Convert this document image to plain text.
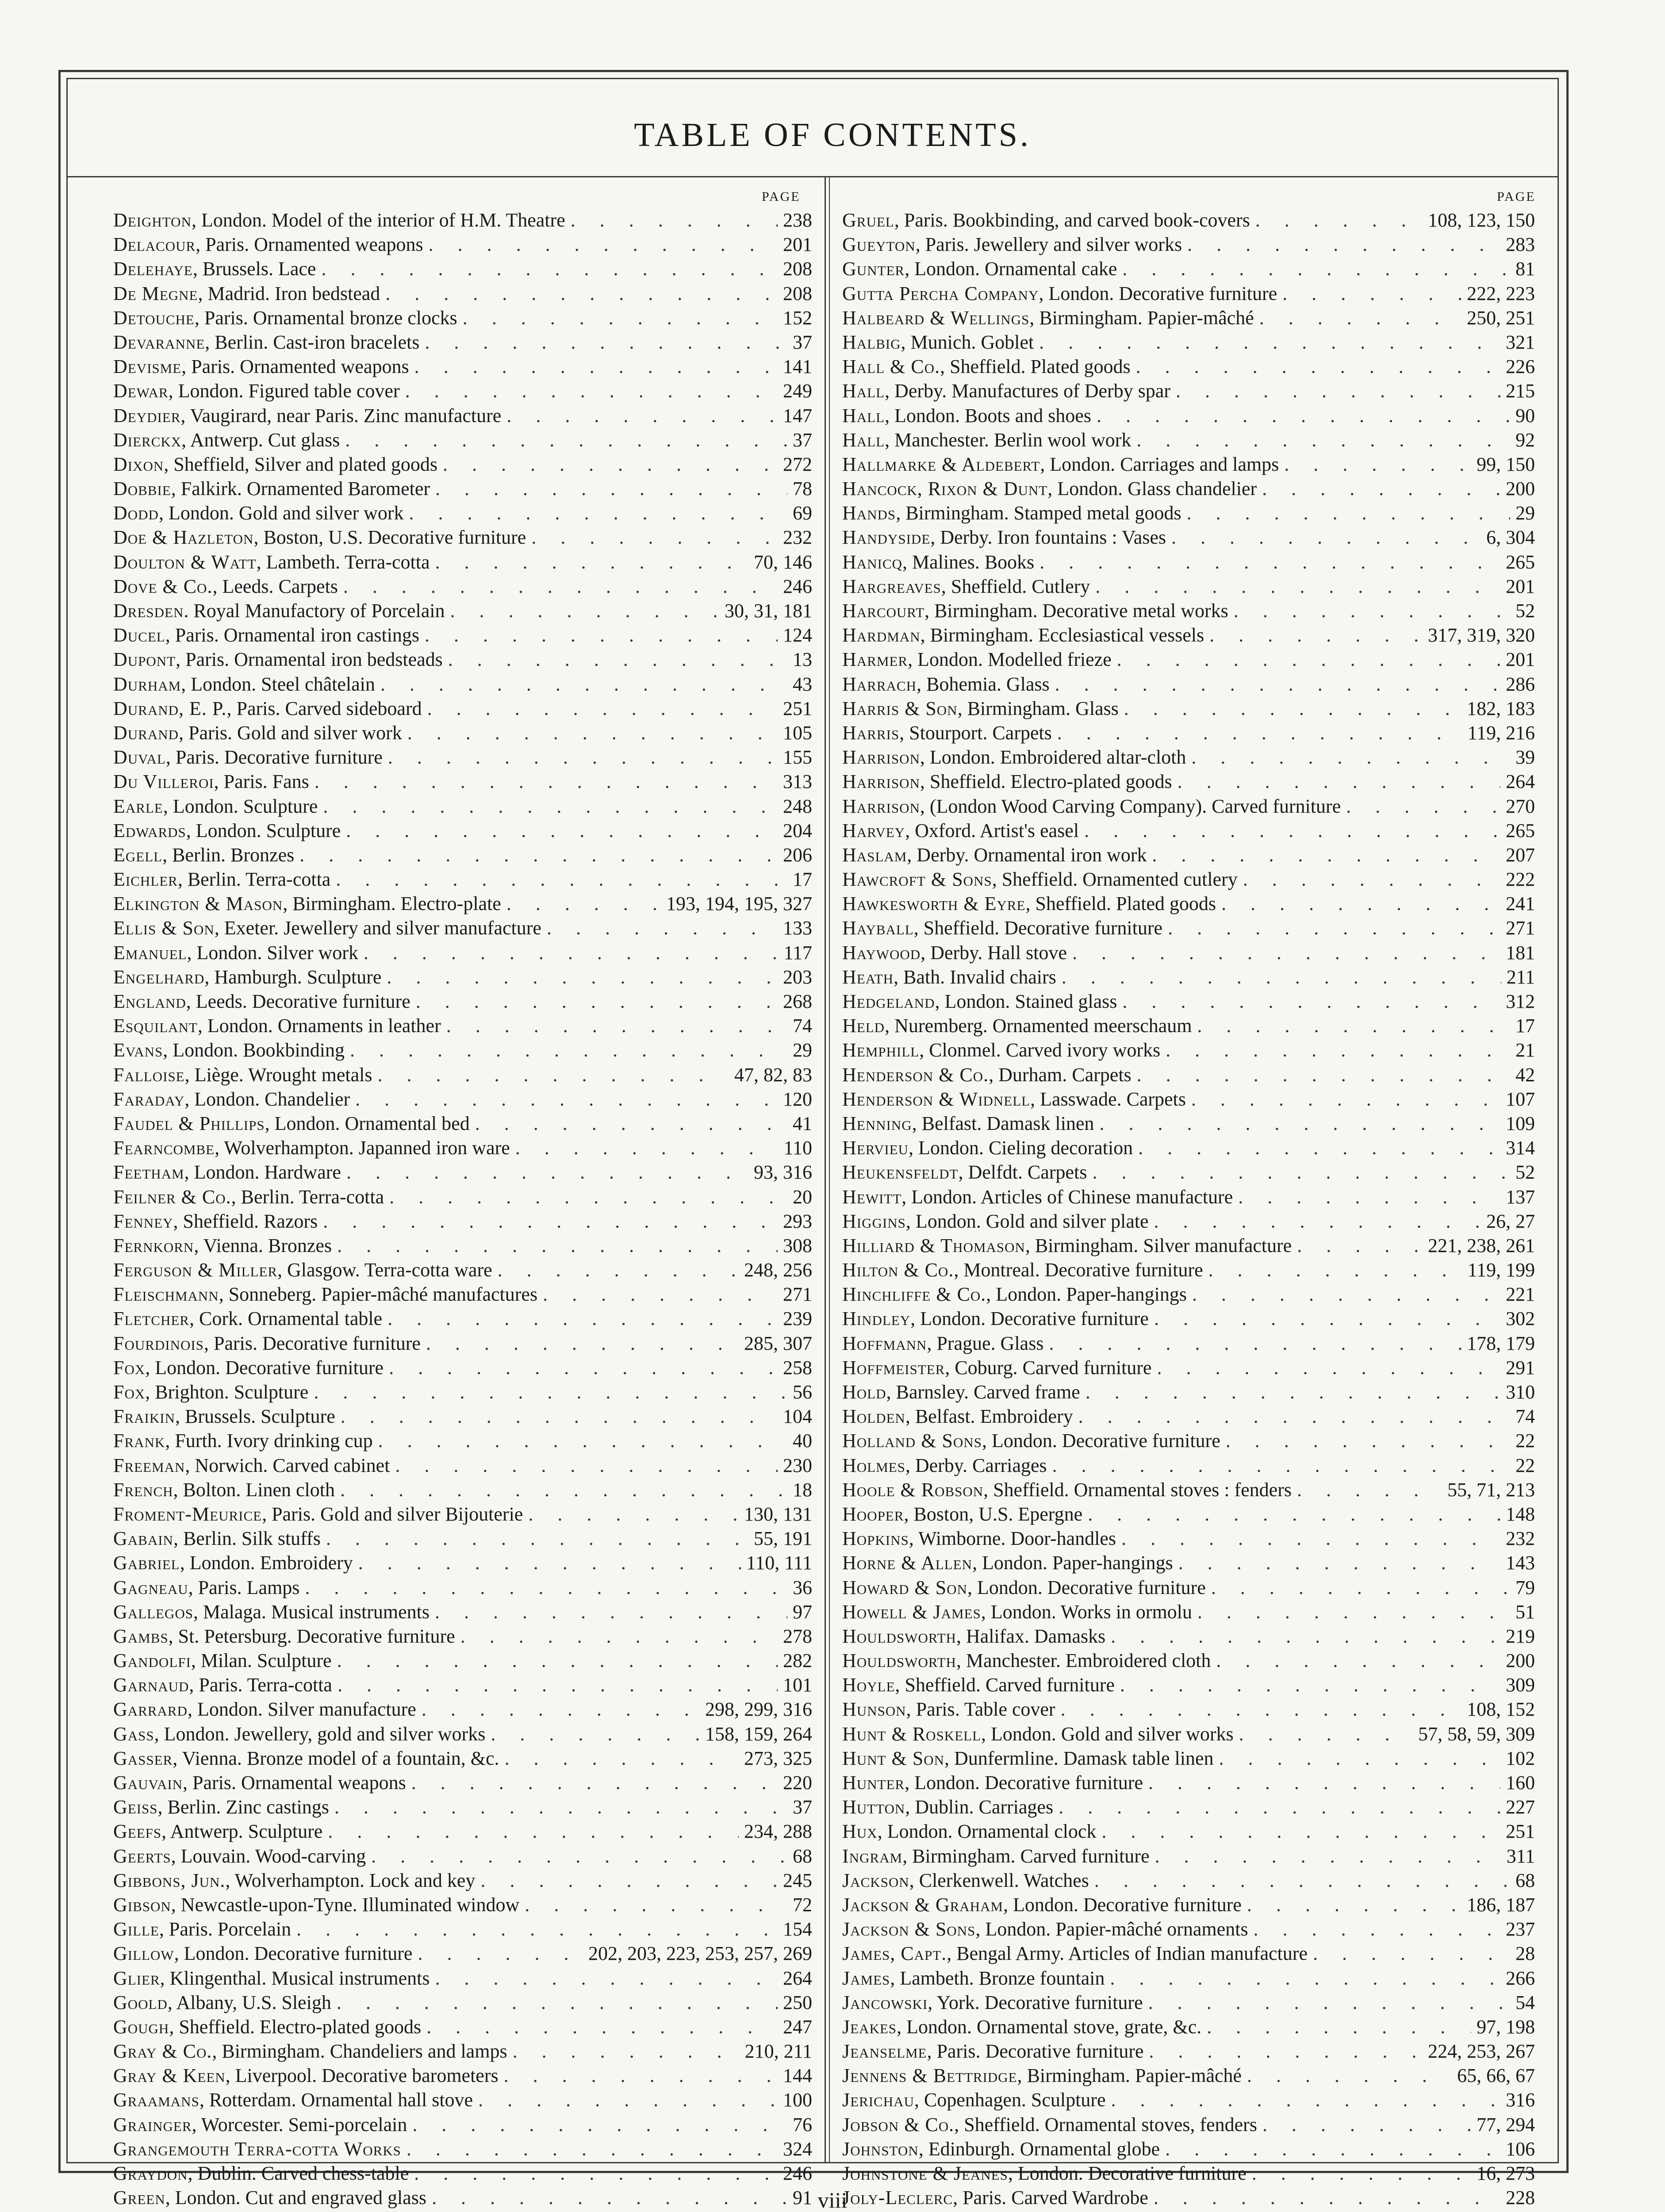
TABLE OF CONTENTS.
PAGE	PAGE
Deighton , London. Model of the interior of H.M. Theatre . . .	238
Delacour , Paris. Ornamented weapons . . .	201
Delehaye , Brussels. Lace . . .	208
De Megne , Madrid. Iron bedstead . . .	208
Detouche , Paris. Ornamental bronze clocks . . .	152
Devaranne , Berlin. Cast-iron bracelets . . .	37
Devisme , Paris. Ornamented weapons . . .	141
Dewar , London. Figured table cover . . .	249
Deydier , Vaugirard, near Paris. Zinc manufacture . . .	147
Dierckx , Antwerp. Cut glass . . .	37
Dixon , Sheffield, Silver and plated goods . . .	272
Dobbie , Falkirk. Ornamented Barometer . . .	78
Dodd , London. Gold and silver work . . .	69
Doe & Hazleton , Boston, U.S. Decorative furniture . . .	232
Doulton & Watt , Lambeth. Terra-cotta . . .	70, 146
Dove & Co. , Leeds. Carpets . . .	246
Dresden . Royal Manufactory of Porcelain . . .	30, 31, 181
Ducel , Paris. Ornamental iron castings . . .	124
Dupont , Paris. Ornamental iron bedsteads . . .	13
Durham , London. Steel châtelain . . .	43
Durand, E. P. , Paris. Carved sideboard . . .	251
Durand , Paris. Gold and silver work . . .	105
Duval , Paris. Decorative furniture . . .	155
Du Villeroi , Paris. Fans . . .	313
Earle , London. Sculpture . . .	248
Edwards , London. Sculpture . . .	204
Egell , Berlin. Bronzes . . .	206
Eichler , Berlin. Terra-cotta . . .	17
Elkington & Mason , Birmingham. Electro-plate . . .	193, 194, 195, 327
Ellis & Son , Exeter. Jewellery and silver manufacture . . .	133
Emanuel , London. Silver work . . .	117
Engelhard , Hamburgh. Sculpture . . .	203
England , Leeds. Decorative furniture . . .	268
Esquilant , London. Ornaments in leather . . .	74
Evans , London. Bookbinding . . .	29
Falloise , Liège. Wrought metals . . .	47, 82, 83
Faraday , London. Chandelier . . .	120
Faudel & Phillips , London. Ornamental bed . . .	41
Fearncombe , Wolverhampton. Japanned iron ware . . .	110
Feetham , London. Hardware . . .	93, 316
Feilner & Co. , Berlin. Terra-cotta . . .	20
Fenney , Sheffield. Razors . . .	293
Fernkorn , Vienna. Bronzes . . .	308
Ferguson & Miller , Glasgow. Terra-cotta ware . . .	248, 256
Fleischmann , Sonneberg. Papier-mâché manufactures . . .	271
Fletcher , Cork. Ornamental table . . .	239
Fourdinois , Paris. Decorative furniture . . .	285, 307
Fox , London. Decorative furniture . . .	258
Fox , Brighton. Sculpture . . .	56
Fraikin , Brussels. Sculpture . . .	104
Frank , Furth. Ivory drinking cup . . .	40
Freeman , Norwich. Carved cabinet . . .	230
French , Bolton. Linen cloth . . .	18
Froment-Meurice , Paris. Gold and silver Bijouterie . . .	130, 131
Gabain , Berlin. Silk stuffs . . .	55, 191
Gabriel , London. Embroidery . . .	110, 111
Gagneau , Paris. Lamps . . .	36
Gallegos , Malaga. Musical instruments . . .	97
Gambs , St. Petersburg. Decorative furniture . . .	278
Gandolfi , Milan. Sculpture . . .	282
Garnaud , Paris. Terra-cotta . . .	101
Garrard , London. Silver manufacture . . .	298, 299, 316
Gass , London. Jewellery, gold and silver works . . .	158, 159, 264
Gasser , Vienna. Bronze model of a fountain, &c. . . .	273, 325
Gauvain , Paris. Ornamental weapons . . .	220
Geiss , Berlin. Zinc castings . . .	37
Geefs , Antwerp. Sculpture . . .	234, 288
Geerts , Louvain. Wood-carving . . .	68
Gibbons, Jun. , Wolverhampton. Lock and key . . .	245
Gibson , Newcastle-upon-Tyne. Illuminated window . . .	72
Gille , Paris. Porcelain . . .	154
Gillow , London. Decorative furniture . . .	202, 203, 223, 253, 257, 269
Glier , Klingenthal. Musical instruments . . .	264
Goold , Albany, U.S. Sleigh . . .	250
Gough , Sheffield. Electro-plated goods . . .	247
Gray & Co. , Birmingham. Chandeliers and lamps . . .	210, 211
Gray & Keen , Liverpool. Decorative barometers . . .	144
Graamans , Rotterdam. Ornamental hall stove . . .	100
Grainger , Worcester. Semi-porcelain . . .	76
Grangemouth Terra-cotta Works . . .	324
Graydon , Dublin. Carved chess-table . . .	246
Green , London. Cut and engraved glass . . .	91
. . .
Gruel , Paris. Bookbinding, and carved book-covers . . .	108, 123, 150
Gueyton , Paris. Jewellery and silver works . . .	283
Gunter , London. Ornamental cake . . .	81
Gutta Percha Company , London. Decorative furniture . . .	222, 223
Halbeard & Wellings , Birmingham. Papier-mâché . . .	250, 251
Halbig , Munich. Goblet . . .	321
Hall & Co. , Sheffield. Plated goods . . .	226
Hall , Derby. Manufactures of Derby spar . . .	215
Hall , London. Boots and shoes . . .	90
Hall , Manchester. Berlin wool work . . .	92
Hallmarke & Aldebert , London. Carriages and lamps . . .	99, 150
Hancock, Rixon & Dunt , London. Glass chandelier . . .	200
Hands , Birmingham. Stamped metal goods . . .	29
Handyside , Derby. Iron fountains : Vases . . .	6, 304
Hanicq , Malines. Books . . .	265
Hargreaves , Sheffield. Cutlery . . .	201
Harcourt , Birmingham. Decorative metal works . . .	52
Hardman , Birmingham. Ecclesiastical vessels . . .	317, 319, 320
Harmer , London. Modelled frieze . . .	201
Harrach , Bohemia. Glass . . .	286
Harris & Son , Birmingham. Glass . . .	182, 183
Harris , Stourport. Carpets . . .	119, 216
Harrison , London. Embroidered altar-cloth . . .	39
Harrison , Sheffield. Electro-plated goods . . .	264
Harrison , (London Wood Carving Company). Carved furniture . . .	270
Harvey , Oxford. Artist's easel . . .	265
Haslam , Derby. Ornamental iron work . . .	207
Hawcroft & Sons , Sheffield. Ornamented cutlery . . .	222
Hawkesworth & Eyre , Sheffield. Plated goods . . .	241
Hayball , Sheffield. Decorative furniture . . .	271
Haywood , Derby. Hall stove . . .	181
Heath , Bath. Invalid chairs . . .	211
Hedgeland , London. Stained glass . . .	312
Held , Nuremberg. Ornamented meerschaum . . .	17
Hemphill , Clonmel. Carved ivory works . . .	21
Henderson & Co. , Durham. Carpets . . .	42
Henderson & Widnell , Lasswade. Carpets . . .	107
Henning , Belfast. Damask linen . . .	109
Hervieu , London. Cieling decoration . . .	314
Heukensfeldt , Delfdt. Carpets . . .	52
Hewitt , London. Articles of Chinese manufacture . . .	137
Higgins , London. Gold and silver plate . . .	26, 27
Hilliard & Thomason , Birmingham. Silver manufacture . . .	221, 238, 261
Hilton & Co. , Montreal. Decorative furniture . . .	119, 199
Hinchliffe & Co. , London. Paper-hangings . . .	221
Hindley , London. Decorative furniture . . .	302
Hoffmann , Prague. Glass . . .	178, 179
Hoffmeister , Coburg. Carved furniture . . .	291
Hold , Barnsley. Carved frame . . .	310
Holden , Belfast. Embroidery . . .	74
Holland & Sons , London. Decorative furniture . . .	22
Holmes , Derby. Carriages . . .	22
Hoole & Robson , Sheffield. Ornamental stoves : fenders . . .	55, 71, 213
Hooper , Boston, U.S. Epergne . . .	148
Hopkins , Wimborne. Door-handles . . .	232
Horne & Allen , London. Paper-hangings . . .	143
Howard & Son , London. Decorative furniture . . .	79
Howell & James , London. Works in ormolu . . .	51
Houldsworth , Halifax. Damasks . . .	219
Houldsworth , Manchester. Embroidered cloth . . .	200
Hoyle , Sheffield. Carved furniture . . .	309
Hunson , Paris. Table cover . . .	108, 152
Hunt & Roskell , London. Gold and silver works . . .	57, 58, 59, 309
Hunt & Son , Dunfermline. Damask table linen . . .	102
Hunter , London. Decorative furniture . . .	160
Hutton , Dublin. Carriages . . .	227
Hux , London. Ornamental clock . . .	251
Ingram , Birmingham. Carved furniture . . .	311
Jackson , Clerkenwell. Watches . . .	68
Jackson & Graham , London. Decorative furniture . . .	186, 187
Jackson & Sons , London. Papier-mâché ornaments . . .	237
James, Capt. , Bengal Army. Articles of Indian manufacture . . .	28
James , Lambeth. Bronze fountain . . .	266
Jancowski , York. Decorative furniture . . .	54
Jeakes , London. Ornamental stove, grate, &c. . . .	97, 198
Jeanselme , Paris. Decorative furniture . . .	224, 253, 267
Jennens & Bettridge , Birmingham. Papier-mâché . . .	65, 66, 67
Jerichau , Copenhagen. Sculpture . . .	316
Jobson & Co. , Sheffield. Ornamental stoves, fenders . . .	77, 294
Johnston , Edinburgh. Ornamental globe . . .	106
Johnstone & Jeanes , London. Decorative furniture . . .	16, 273
Joly-Leclerc , Paris. Carved Wardrobe . . .	228
. . .
viii
